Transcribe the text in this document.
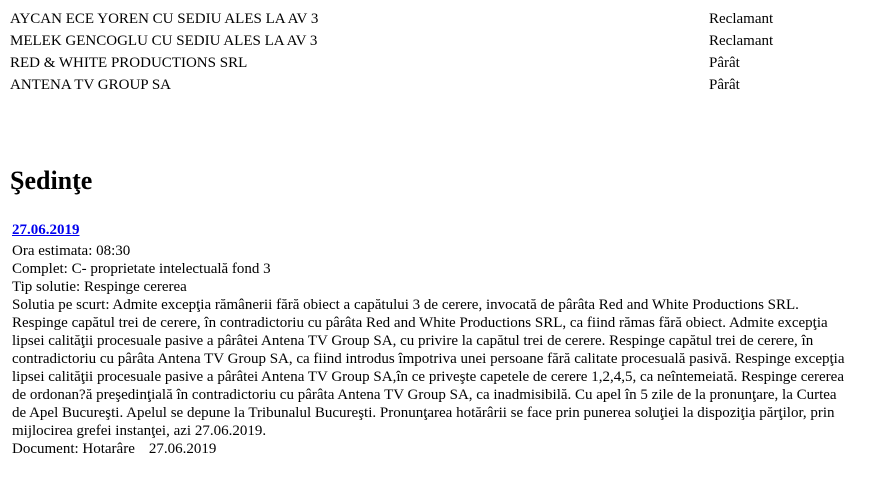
AYCAN ECE YOREN CU SEDIU ALES LA AV 3	Reclamant
MELEK GENCOGLU CU SEDIU ALES LA AV 3	Reclamant
RED & WHITE PRODUCTIONS SRL	Pârât
ANTENA TV GROUP SA	Pârât
Şedinţe
27.06.2019
Ora estimata: 08:30
Complet: C- proprietate intelectuală fond 3
Tip solutie: Respinge cererea
Solutia pe scurt: Admite excepţia rămânerii fără obiect a capătului 3 de cerere, invocată de pârâta Red and White Productions SRL. Respinge capătul trei de cerere, în contradictoriu cu pârâta Red and White Productions SRL, ca fiind rămas fără obiect. Admite excepţia lipsei calităţii procesuale pasive a pârâtei Antena TV Group SA, cu privire la capătul trei de cerere. Respinge capătul trei de cerere, în contradictoriu cu pârâta Antena TV Group SA, ca fiind introdus împotriva unei persoane fără calitate procesuală pasivă. Respinge excepţia lipsei calităţii procesuale pasive a pârâtei Antena TV Group SA,în ce priveşte capetele de cerere 1,2,4,5, ca neîntemeiată. Respinge cererea de ordonan?ă preşedinţială în contradictoriu cu pârâta Antena TV Group SA, ca inadmisibilă. Cu apel în 5 zile de la pronunţare, la Curtea de Apel Bucureşti. Apelul se depune la Tribunalul Bucureşti. Pronunţarea hotărârii se face prin punerea soluţiei la dispoziţia părţilor, prin mijlocirea grefei instanţei, azi 27.06.2019.
Document: Hotarâre 27.06.2019
